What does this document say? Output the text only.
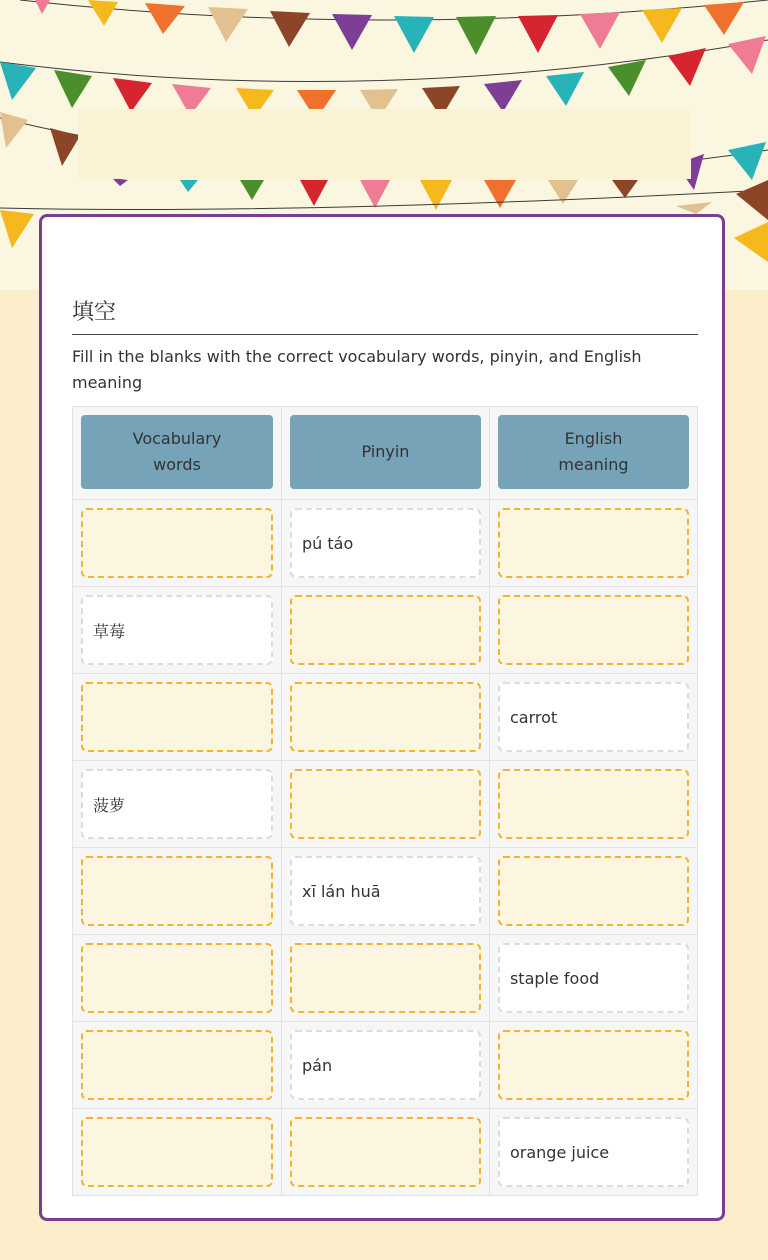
填空
Fill in the blanks with the correct vocabulary words, pinyin, and English meaning
Vocabulary words
Pinyin
English meaning
pú táo
草莓
carrot
菠萝
xī lán huā
staple food
pán
orange juice
